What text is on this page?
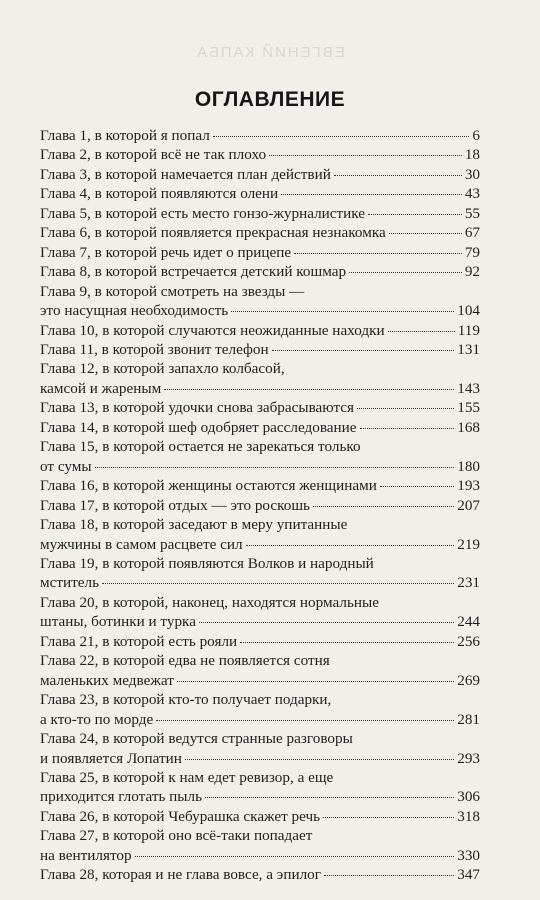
ЕВГЕНИЙ КАПБА
ОГЛАВЛЕНИЕ
Глава 1, в которой я попал	6
Глава 2, в которой всё не так плохо	18
Глава 3, в которой намечается план действий	30
Глава 4, в которой появляются олени	43
Глава 5, в которой есть место гонзо-журналистике	55
Глава 6, в которой появляется прекрасная незнакомка	67
Глава 7, в которой речь идет о прицепе	79
Глава 8, в которой встречается детский кошмар	92
Глава 9, в которой смотреть на звезды —
это насущная необходимость	104
Глава 10, в которой случаются неожиданные находки	119
Глава 11, в которой звонит телефон	131
Глава 12, в которой запахло колбасой,
камсой и жареным	143
Глава 13, в которой удочки снова забрасываются	155
Глава 14, в которой шеф одобряет расследование	168
Глава 15, в которой остается не зарекаться только
от сумы	180
Глава 16, в которой женщины остаются женщинами	193
Глава 17, в которой отдых — это роскошь	207
Глава 18, в которой заседают в меру упитанные
мужчины в самом расцвете сил	219
Глава 19, в которой появляются Волков и народный
мститель	231
Глава 20, в которой, наконец, находятся нормальные
штаны, ботинки и турка	244
Глава 21, в которой есть рояли	256
Глава 22, в которой едва не появляется сотня
маленьких медвежат	269
Глава 23, в которой кто-то получает подарки,
а кто-то по морде	281
Глава 24, в которой ведутся странные разговоры
и появляется Лопатин	293
Глава 25, в которой к нам едет ревизор, а еще
приходится глотать пыль	306
Глава 26, в которой Чебурашка скажет речь	318
Глава 27, в которой оно всё-таки попадает
на вентилятор	330
Глава 28, которая и не глава вовсе, а эпилог	347
